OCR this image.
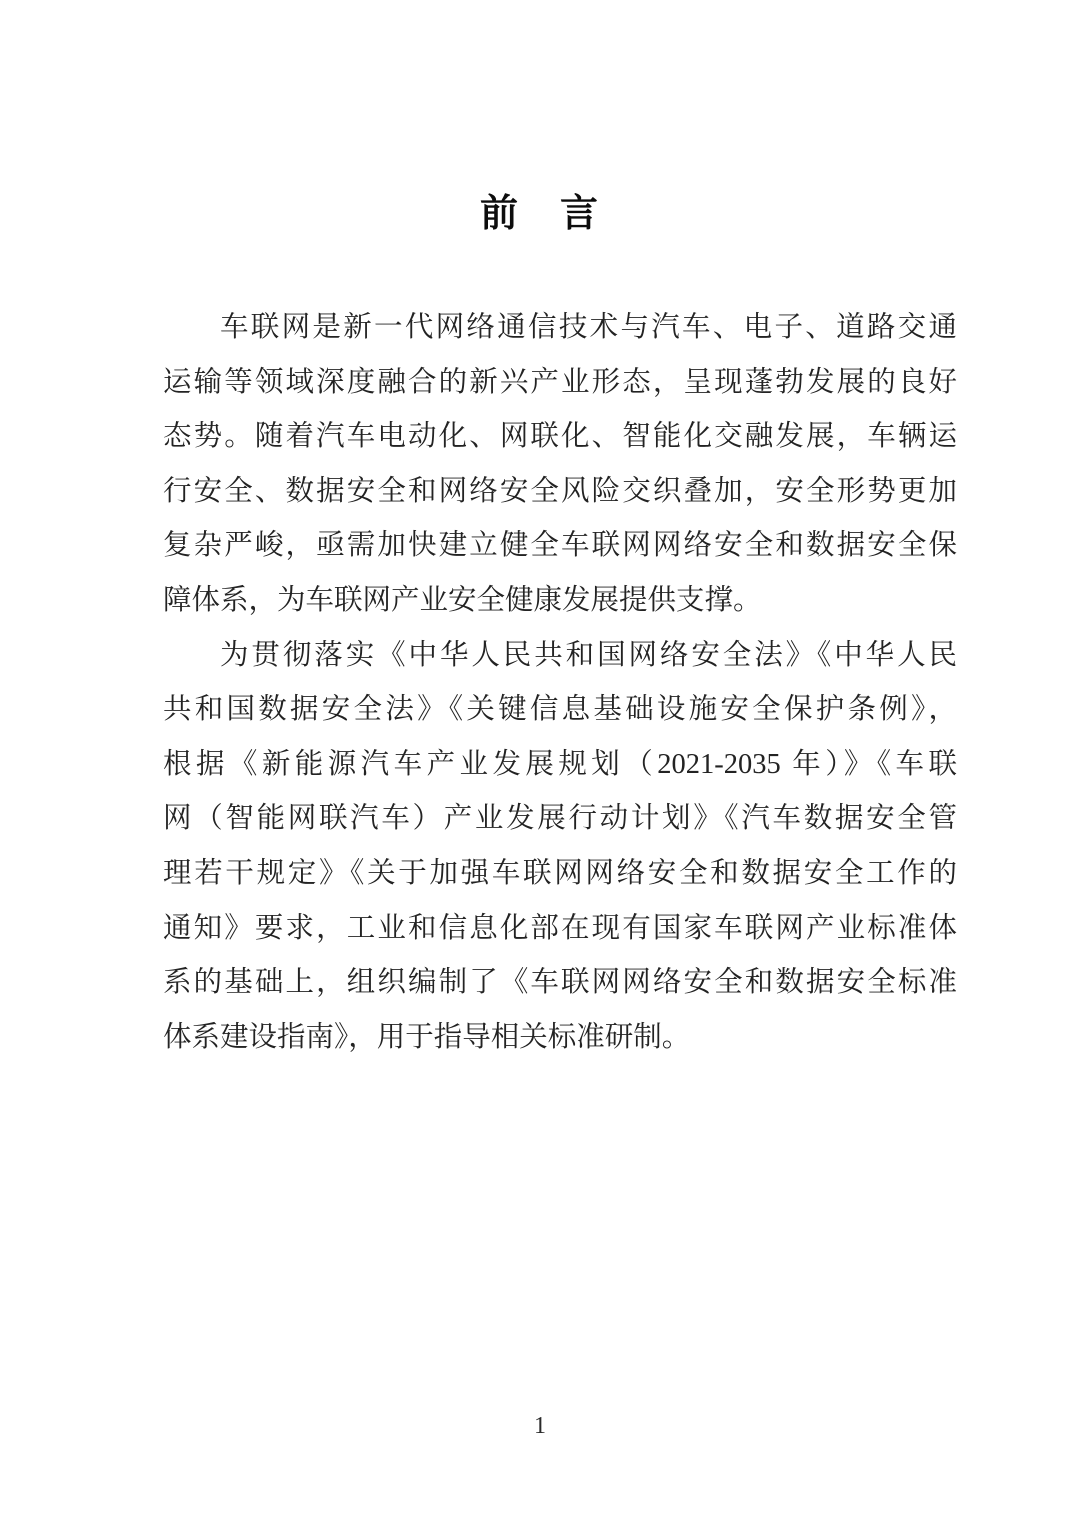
前　言
车联网是新一代网络通信技术与汽车、电子、道路交通
运输等领域深度融合的新兴产业形态，呈现蓬勃发展的良好
态势。随着汽车电动化、网联化、智能化交融发展，车辆运
行安全、数据安全和网络安全风险交织叠加，安全形势更加
复杂严峻，亟需加快建立健全车联网网络安全和数据安全保
障体系，为车联网产业安全健康发展提供支撑。
为贯彻落实《中华人民共和国网络安全法》《中华人民
共和国数据安全法》《关键信息基础设施安全保护条例》，
根据《新能源汽车产业发展规划（2021-2035 年）》《车联
网（智能网联汽车）产业发展行动计划》《汽车数据安全管
理若干规定》《关于加强车联网网络安全和数据安全工作的
通知》要求，工业和信息化部在现有国家车联网产业标准体
系的基础上，组织编制了《车联网网络安全和数据安全标准
体系建设指南》，用于指导相关标准研制。
1
